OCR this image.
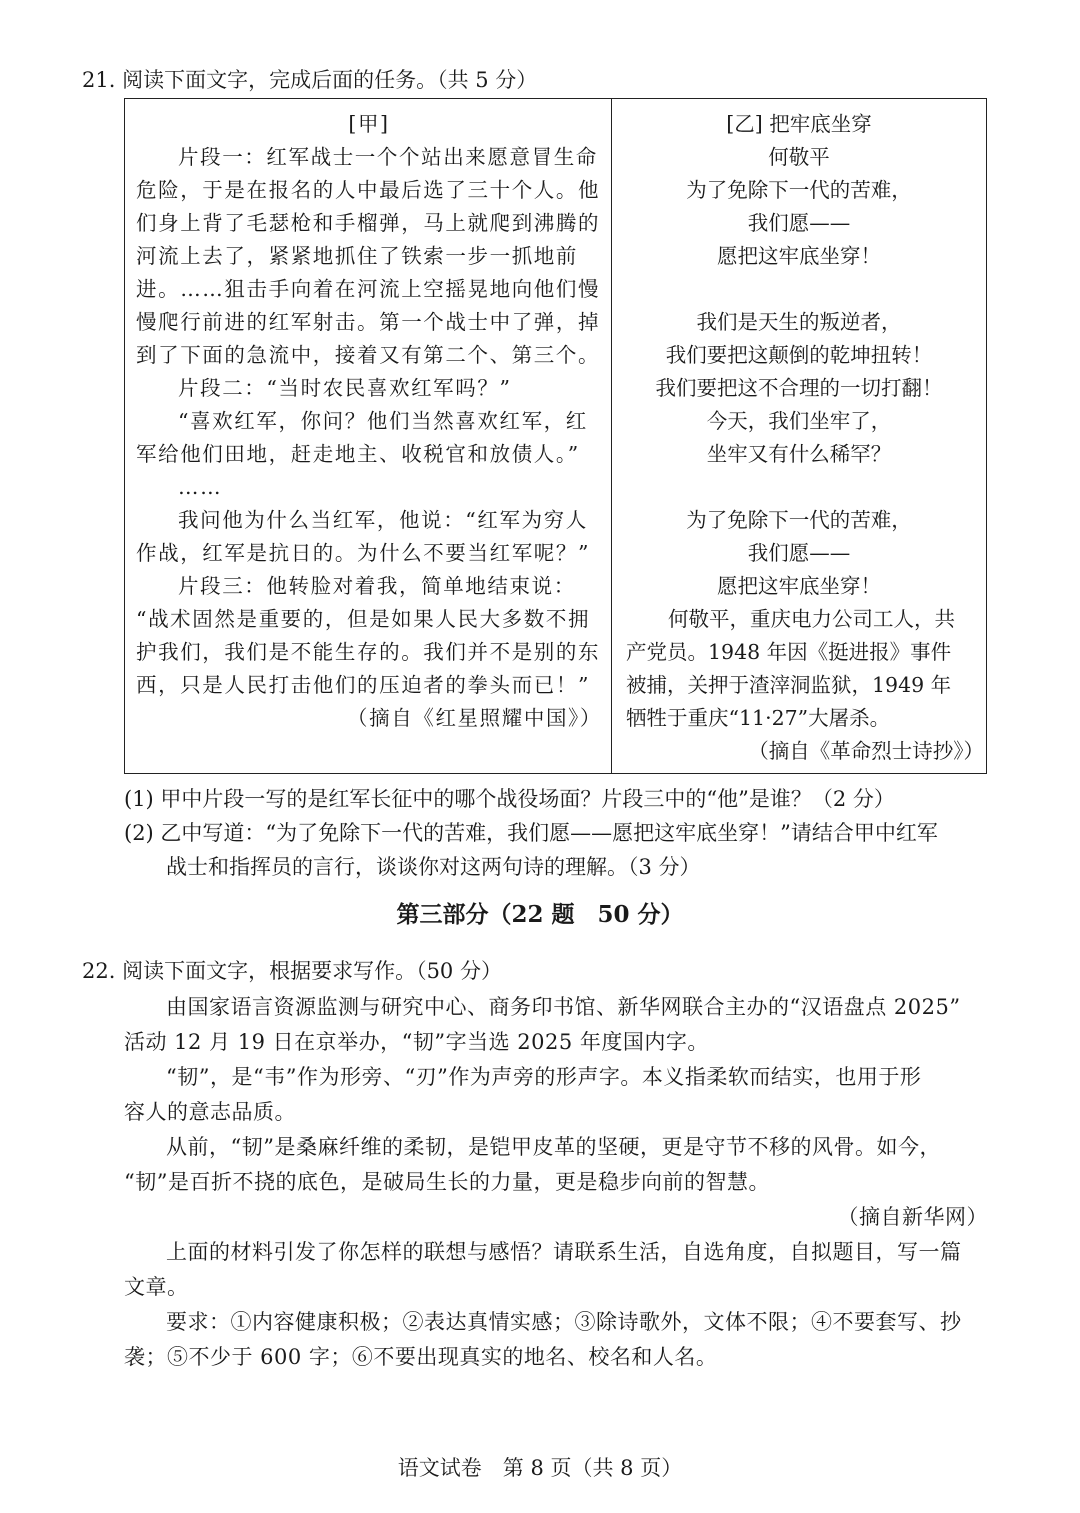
21. 阅读下面文字，完成后面的任务。（共 5 分）

[甲]

片段一：红军战士一个个站出来愿意冒生命

危险，于是在报名的人中最后选了三十个人。他

们身上背了毛瑟枪和手榴弹，马上就爬到沸腾的

河流上去了，紧紧地抓住了铁索一步一抓地前

进。……狙击手向着在河流上空摇晃地向他们慢

慢爬行前进的红军射击。第一个战士中了弹，掉

到了下面的急流中，接着又有第二个、第三个。

片段二：“当时农民喜欢红军吗？”

“喜欢红军，你问？他们当然喜欢红军，红

军给他们田地，赶走地主、收税官和放债人。”

……

我问他为什么当红军，他说：“红军为穷人

作战，红军是抗日的。为什么不要当红军呢？”

片段三：他转脸对着我，简单地结束说：

“战术固然是重要的，但是如果人民大多数不拥

护我们，我们是不能生存的。我们并不是别的东

西，只是人民打击他们的压迫者的拳头而已！”

（摘自《红星照耀中国》）

[乙] 把牢底坐穿

何敬平

为了免除下一代的苦难，

我们愿——

愿把这牢底坐穿！

我们是天生的叛逆者，

我们要把这颠倒的乾坤扭转！

我们要把这不合理的一切打翻！

今天，我们坐牢了，

坐牢又有什么稀罕？

为了免除下一代的苦难，

我们愿——

愿把这牢底坐穿！

何敬平，重庆电力公司工人，共

产党员。1948 年因《挺进报》事件

被捕，关押于渣滓洞监狱，1949 年

牺牲于重庆“11·27”大屠杀。

（摘自《革命烈士诗抄》）

(1) 甲中片段一写的是红军长征中的哪个战役场面？片段三中的“他”是谁？（2 分）
(2) 乙中写道：“为了免除下一代的苦难，我们愿——愿把这牢底坐穿！”请结合甲中红军
战士和指挥员的言行，谈谈你对这两句诗的理解。（3 分）
第三部分（22 题　50 分）
22. 阅读下面文字，根据要求写作。（50 分）

由国家语言资源监测与研究中心、商务印书馆、新华网联合主办的“汉语盘点 2025”

活动 12 月 19 日在京举办，“韧”字当选 2025 年度国内字。

“韧”，是“韦”作为形旁、“刃”作为声旁的形声字。本义指柔软而结实，也用于形

容人的意志品质。

从前，“韧”是桑麻纤维的柔韧，是铠甲皮革的坚硬，更是守节不移的风骨。如今，

“韧”是百折不挠的底色，是破局生长的力量，更是稳步向前的智慧。

（摘自新华网）

上面的材料引发了你怎样的联想与感悟？请联系生活，自选角度，自拟题目，写一篇

文章。

要求：①内容健康积极；②表达真情实感；③除诗歌外，文体不限；④不要套写、抄

袭；⑤不少于 600 字；⑥不要出现真实的地名、校名和人名。

语文试卷　第 8 页（共 8 页）
